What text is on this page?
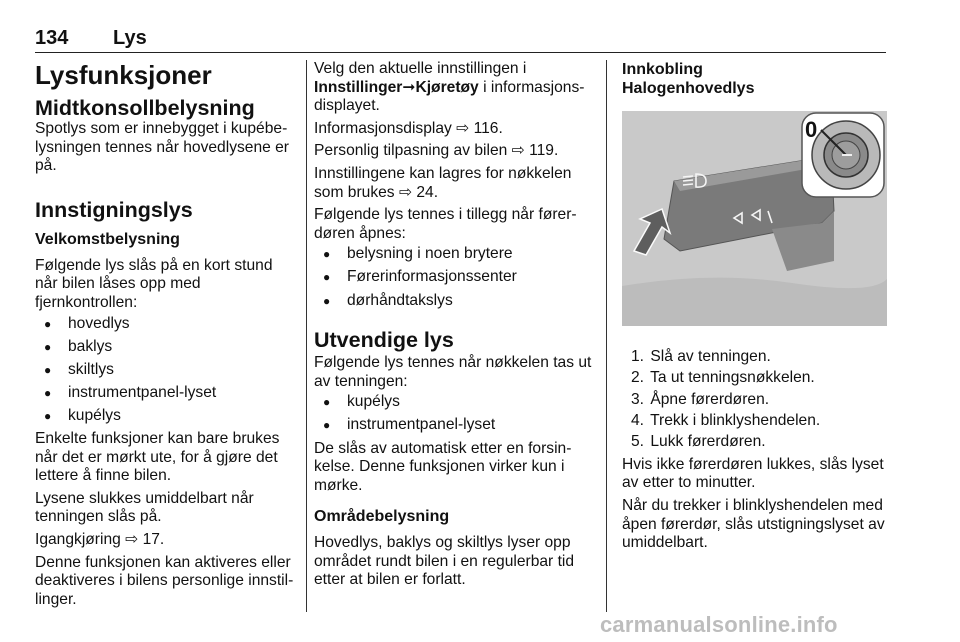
134 Lys
Lysfunksjoner
Midtkonsollbelysning
Spotlys som er innebygget i kupébelysningen tennes når hovedlysene er på.
Innstigningslys
Velkomstbelysning
Følgende lys slås på en kort stund når bilen låses opp med fjernkontrollen:
● hovedlys
● baklys
● skiltlys
● instrumentpanel-lyset
● kupélys
Enkelte funksjoner kan bare brukes når det er mørkt ute, for å gjøre det lettere å finne bilen.
Lysene slukkes umiddelbart når tenningen slås på.
Igangkjøring ⇨ 17.
Denne funksjonen kan aktiveres eller deaktiveres i bilens personlige innstillinger.
Velg den aktuelle innstillingen i Innstillinger➞Kjøretøy i informasjonsdisplayet.
Informasjonsdisplay ⇨ 116.
Personlig tilpasning av bilen ⇨ 119.
Innstillingene kan lagres for nøkkelen som brukes ⇨ 24.
Følgende lys tennes i tillegg når førerdøren åpnes:
● belysning i noen brytere
● Førerinformasjonssenter
● dørhåndtakslys
Utvendige lys
Følgende lys tennes når nøkkelen tas ut av tenningen:
● kupélys
● instrumentpanel-lyset
De slås av automatisk etter en forsinkelse. Denne funksjonen virker kun i mørke.
Områdebelysning
Hovedlys, baklys og skiltlys lyser opp området rundt bilen i en regulerbar tid etter at bilen er forlatt.
Innkobling
Halogenhovedlys
0
1. Slå av tenningen.
2. Ta ut tenningsnøkkelen.
3. Åpne førerdøren.
4. Trekk i blinklyshendelen.
5. Lukk førerdøren.
Hvis ikke førerdøren lukkes, slås lyset av etter to minutter.
Når du trekker i blinklyshendelen med åpen førerdør, slås utstigningslyset av umiddelbart.
carmanualsonline.info
